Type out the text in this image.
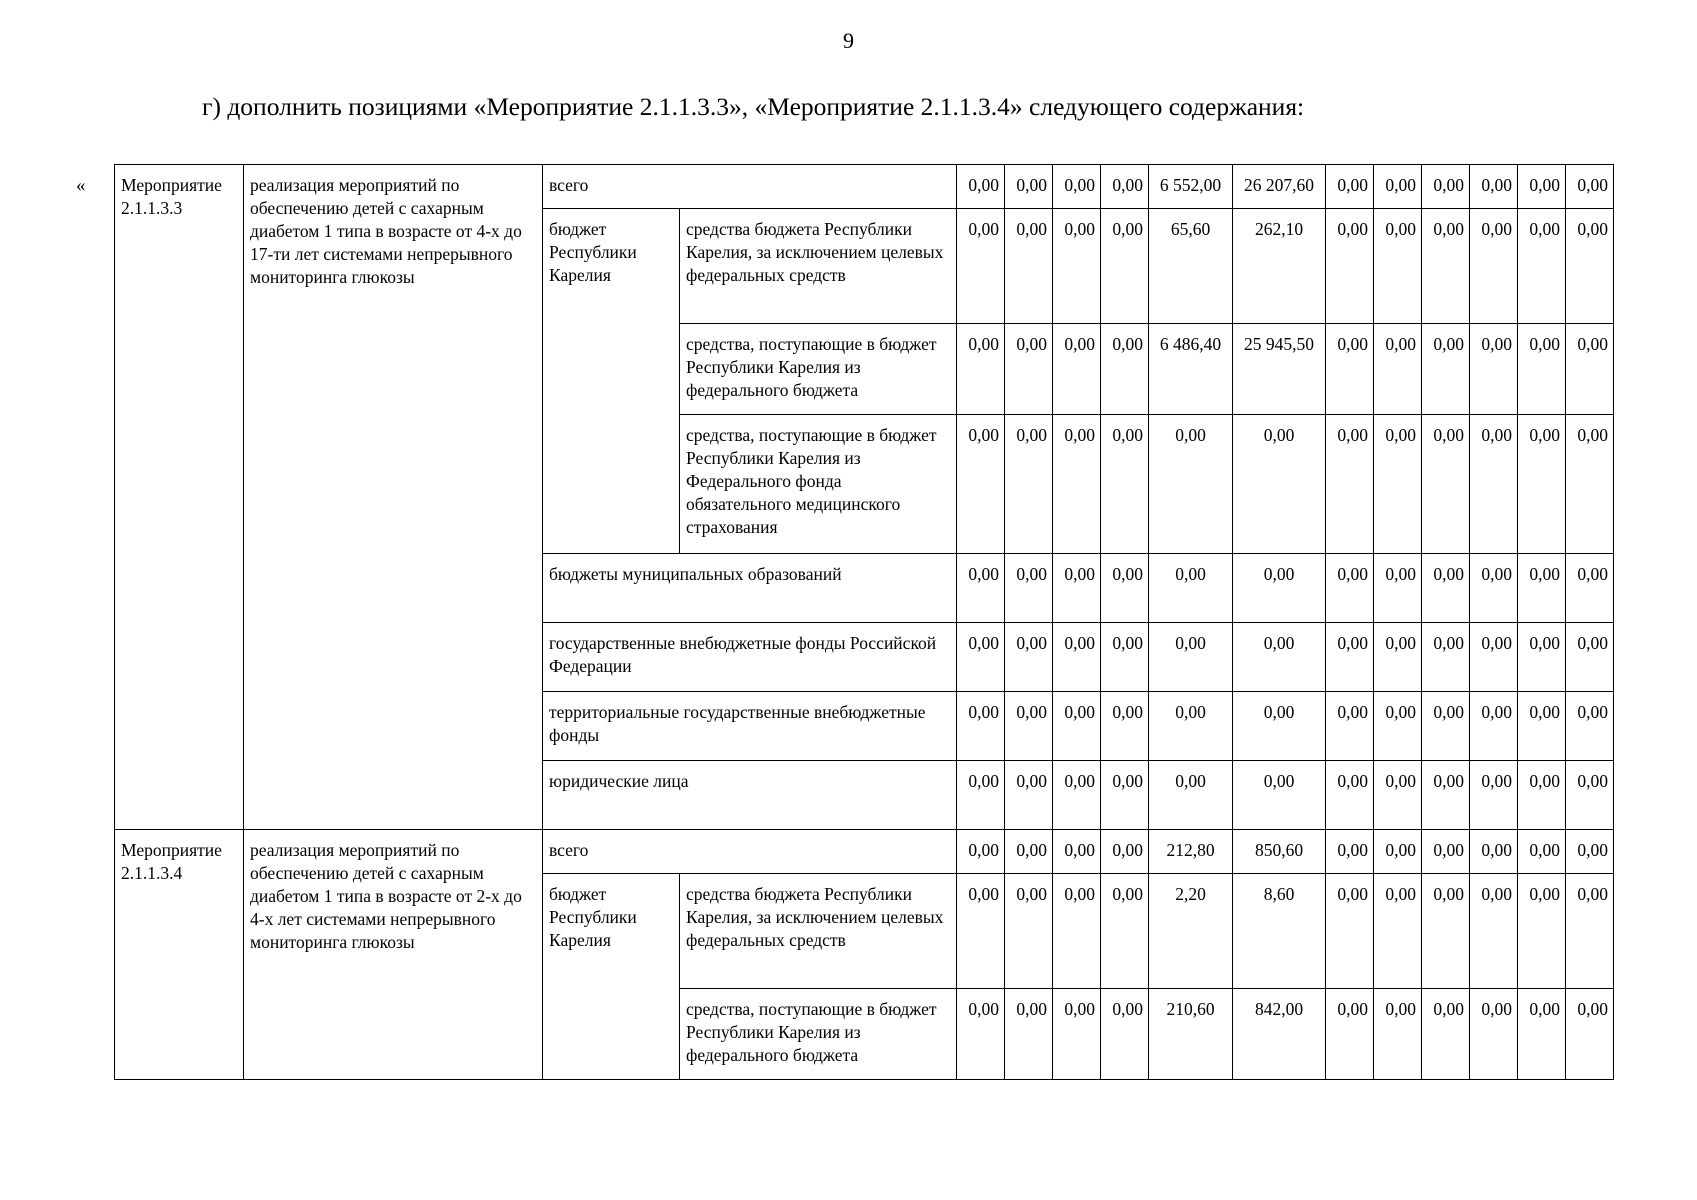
9
г) дополнить позициями «Мероприятие 2.1.1.3.3», «Мероприятие 2.1.1.3.4» следующего содержания:
« Мероприятие 2.1.1.3.3	реализация мероприятий по обеспечению детей с сахарным диабетом 1 типа в возрасте от 4-х до 17-ти лет системами непрерывного мониторинга глюкозы	всего		0,00	0,00	0,00	0,00	6 552,00	26 207,60	0,00	0,00	0,00	0,00	0,00	0,00
		бюджет Республики Карелия	средства бюджета Республики Карелия, за исключением целевых федеральных средств	0,00	0,00	0,00	0,00	65,60	262,10	0,00	0,00	0,00	0,00	0,00	0,00
			средства, поступающие в бюджет Республики Карелия из федерального бюджета	0,00	0,00	0,00	0,00	6 486,40	25 945,50	0,00	0,00	0,00	0,00	0,00	0,00
			средства, поступающие в бюджет Республики Карелия из Федерального фонда обязательного медицинского страхования	0,00	0,00	0,00	0,00	0,00	0,00	0,00	0,00	0,00	0,00	0,00	0,00
		бюджеты муниципальных образований		0,00	0,00	0,00	0,00	0,00	0,00	0,00	0,00	0,00	0,00	0,00	0,00
		государственные внебюджетные фонды Российской Федерации		0,00	0,00	0,00	0,00	0,00	0,00	0,00	0,00	0,00	0,00	0,00	0,00
		территориальные государственные внебюджетные фонды		0,00	0,00	0,00	0,00	0,00	0,00	0,00	0,00	0,00	0,00	0,00	0,00
		юридические лица		0,00	0,00	0,00	0,00	0,00	0,00	0,00	0,00	0,00	0,00	0,00	0,00
Мероприятие 2.1.1.3.4	реализация мероприятий по обеспечению детей с сахарным диабетом 1 типа в возрасте от 2-х до 4-х лет системами непрерывного мониторинга глюкозы	всего		0,00	0,00	0,00	0,00	212,80	850,60	0,00	0,00	0,00	0,00	0,00	0,00
		бюджет Республики Карелия	средства бюджета Республики Карелия, за исключением целевых федеральных средств	0,00	0,00	0,00	0,00	2,20	8,60	0,00	0,00	0,00	0,00	0,00	0,00
			средства, поступающие в бюджет Республики Карелия из федерального бюджета	0,00	0,00	0,00	0,00	210,60	842,00	0,00	0,00	0,00	0,00	0,00	0,00
